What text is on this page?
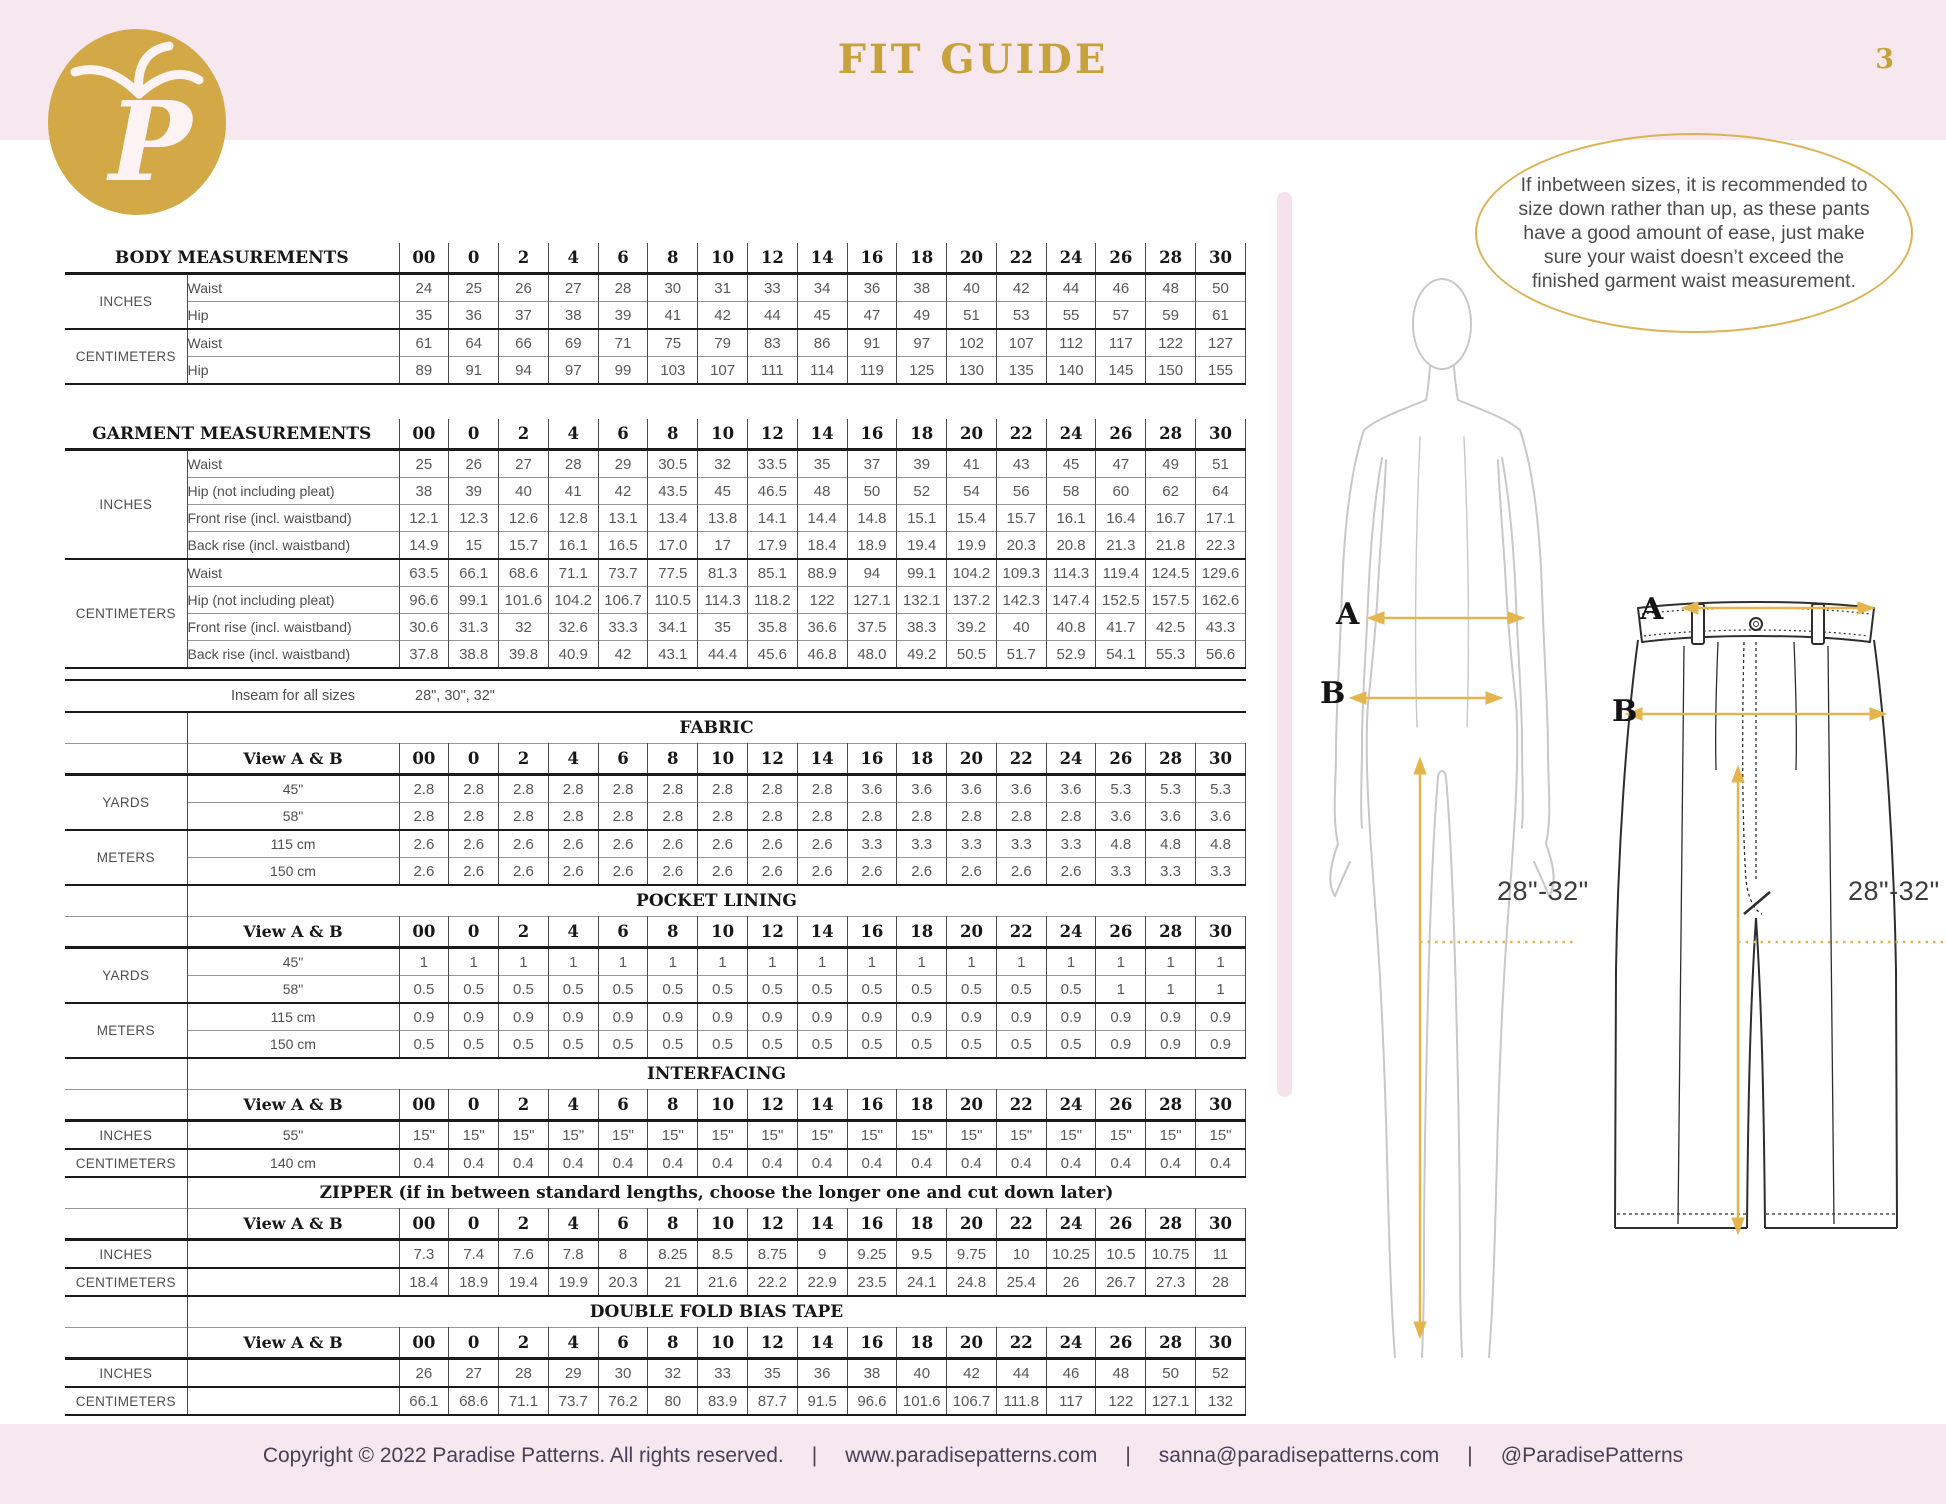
P
FIT GUIDE	3
BODY MEASUREMENTS		00	0	2	4	6	8	10	12	14	16	18	20	22	24	26	28	30
INCHES	Waist	24	25	26	27	28	30	31	33	34	36	38	40	42	44	46	48	50
	Hip	35	36	37	38	39	41	42	44	45	47	49	51	53	55	57	59	61
CENTIMETERS	Waist	61	64	66	69	71	75	79	83	86	91	97	102	107	112	117	122	127
	Hip	89	91	94	97	99	103	107	111	114	119	125	130	135	140	145	150	155
GARMENT MEASUREMENTS		00	0	2	4	6	8	10	12	14	16	18	20	22	24	26	28	30
INCHES	Waist	25	26	27	28	29	30.5	32	33.5	35	37	39	41	43	45	47	49	51
	Hip (not including pleat)	38	39	40	41	42	43.5	45	46.5	48	50	52	54	56	58	60	62	64
	Front rise (incl. waistband)	12.1	12.3	12.6	12.8	13.1	13.4	13.8	14.1	14.4	14.8	15.1	15.4	15.7	16.1	16.4	16.7	17.1
	Back rise (incl. waistband)	14.9	15	15.7	16.1	16.5	17.0	17	17.9	18.4	18.9	19.4	19.9	20.3	20.8	21.3	21.8	22.3
CENTIMETERS	Waist	63.5	66.1	68.6	71.1	73.7	77.5	81.3	85.1	88.9	94	99.1	104.2	109.3	114.3	119.4	124.5	129.6
	Hip (not including pleat)	96.6	99.1	101.6	104.2	106.7	110.5	114.3	118.2	122	127.1	132.1	137.2	142.3	147.4	152.5	157.5	162.6
	Front rise (incl. waistband)	30.6	31.3	32	32.6	33.3	34.1	35	35.8	36.6	37.5	38.3	39.2	40	40.8	41.7	42.5	43.3
	Back rise (incl. waistband)	37.8	38.8	39.8	40.9	42	43.1	44.4	45.6	46.8	48.0	49.2	50.5	51.7	52.9	54.1	55.3	56.6
Inseam for all sizes	28", 30", 32"
	FABRIC																	
	View A & B	00	0	2	4	6	8	10	12	14	16	18	20	22	24	26	28	30
YARDS	45"	2.8	2.8	2.8	2.8	2.8	2.8	2.8	2.8	2.8	3.6	3.6	3.6	3.6	3.6	5.3	5.3	5.3
	58"	2.8	2.8	2.8	2.8	2.8	2.8	2.8	2.8	2.8	2.8	2.8	2.8	2.8	2.8	3.6	3.6	3.6
METERS	115 cm	2.6	2.6	2.6	2.6	2.6	2.6	2.6	2.6	2.6	3.3	3.3	3.3	3.3	3.3	4.8	4.8	4.8
	150 cm	2.6	2.6	2.6	2.6	2.6	2.6	2.6	2.6	2.6	2.6	2.6	2.6	2.6	2.6	3.3	3.3	3.3
	POCKET LINING																	
	View A & B	00	0	2	4	6	8	10	12	14	16	18	20	22	24	26	28	30
YARDS	45"	1	1	1	1	1	1	1	1	1	1	1	1	1	1	1	1	1
	58"	0.5	0.5	0.5	0.5	0.5	0.5	0.5	0.5	0.5	0.5	0.5	0.5	0.5	0.5	1	1	1
METERS	115 cm	0.9	0.9	0.9	0.9	0.9	0.9	0.9	0.9	0.9	0.9	0.9	0.9	0.9	0.9	0.9	0.9	0.9
	150 cm	0.5	0.5	0.5	0.5	0.5	0.5	0.5	0.5	0.5	0.5	0.5	0.5	0.5	0.5	0.9	0.9	0.9
	INTERFACING																	
	View A & B	00	0	2	4	6	8	10	12	14	16	18	20	22	24	26	28	30
INCHES	55"	15"	15"	15"	15"	15"	15"	15"	15"	15"	15"	15"	15"	15"	15"	15"	15"	15"
CENTIMETERS	140 cm	0.4	0.4	0.4	0.4	0.4	0.4	0.4	0.4	0.4	0.4	0.4	0.4	0.4	0.4	0.4	0.4	0.4
	ZIPPER (if in between standard lengths, choose the longer one and cut down later)																	
	View A & B	00	0	2	4	6	8	10	12	14	16	18	20	22	24	26	28	30
INCHES		7.3	7.4	7.6	7.8	8	8.25	8.5	8.75	9	9.25	9.5	9.75	10	10.25	10.5	10.75	11
CENTIMETERS		18.4	18.9	19.4	19.9	20.3	21	21.6	22.2	22.9	23.5	24.1	24.8	25.4	26	26.7	27.3	28
	DOUBLE FOLD BIAS TAPE																	
	View A & B	00	0	2	4	6	8	10	12	14	16	18	20	22	24	26	28	30
INCHES		26	27	28	29	30	32	33	35	36	38	40	42	44	46	48	50	52
CENTIMETERS		66.1	68.6	71.1	73.7	76.2	80	83.9	87.7	91.5	96.6	101.6	106.7	111.8	117	122	127.1	132

If inbetween sizes, it is recommended to size down rather than up, as these pants have a good amount of ease, just make sure your waist doesn’t exceed the finished garment waist measurement.

A
B
A
B
28"-32"	28"-32"
Copyright © 2022 Paradise Patterns. All rights reserved. | www.paradisepatterns.com | sanna@paradisepatterns.com | @ParadisePatterns
